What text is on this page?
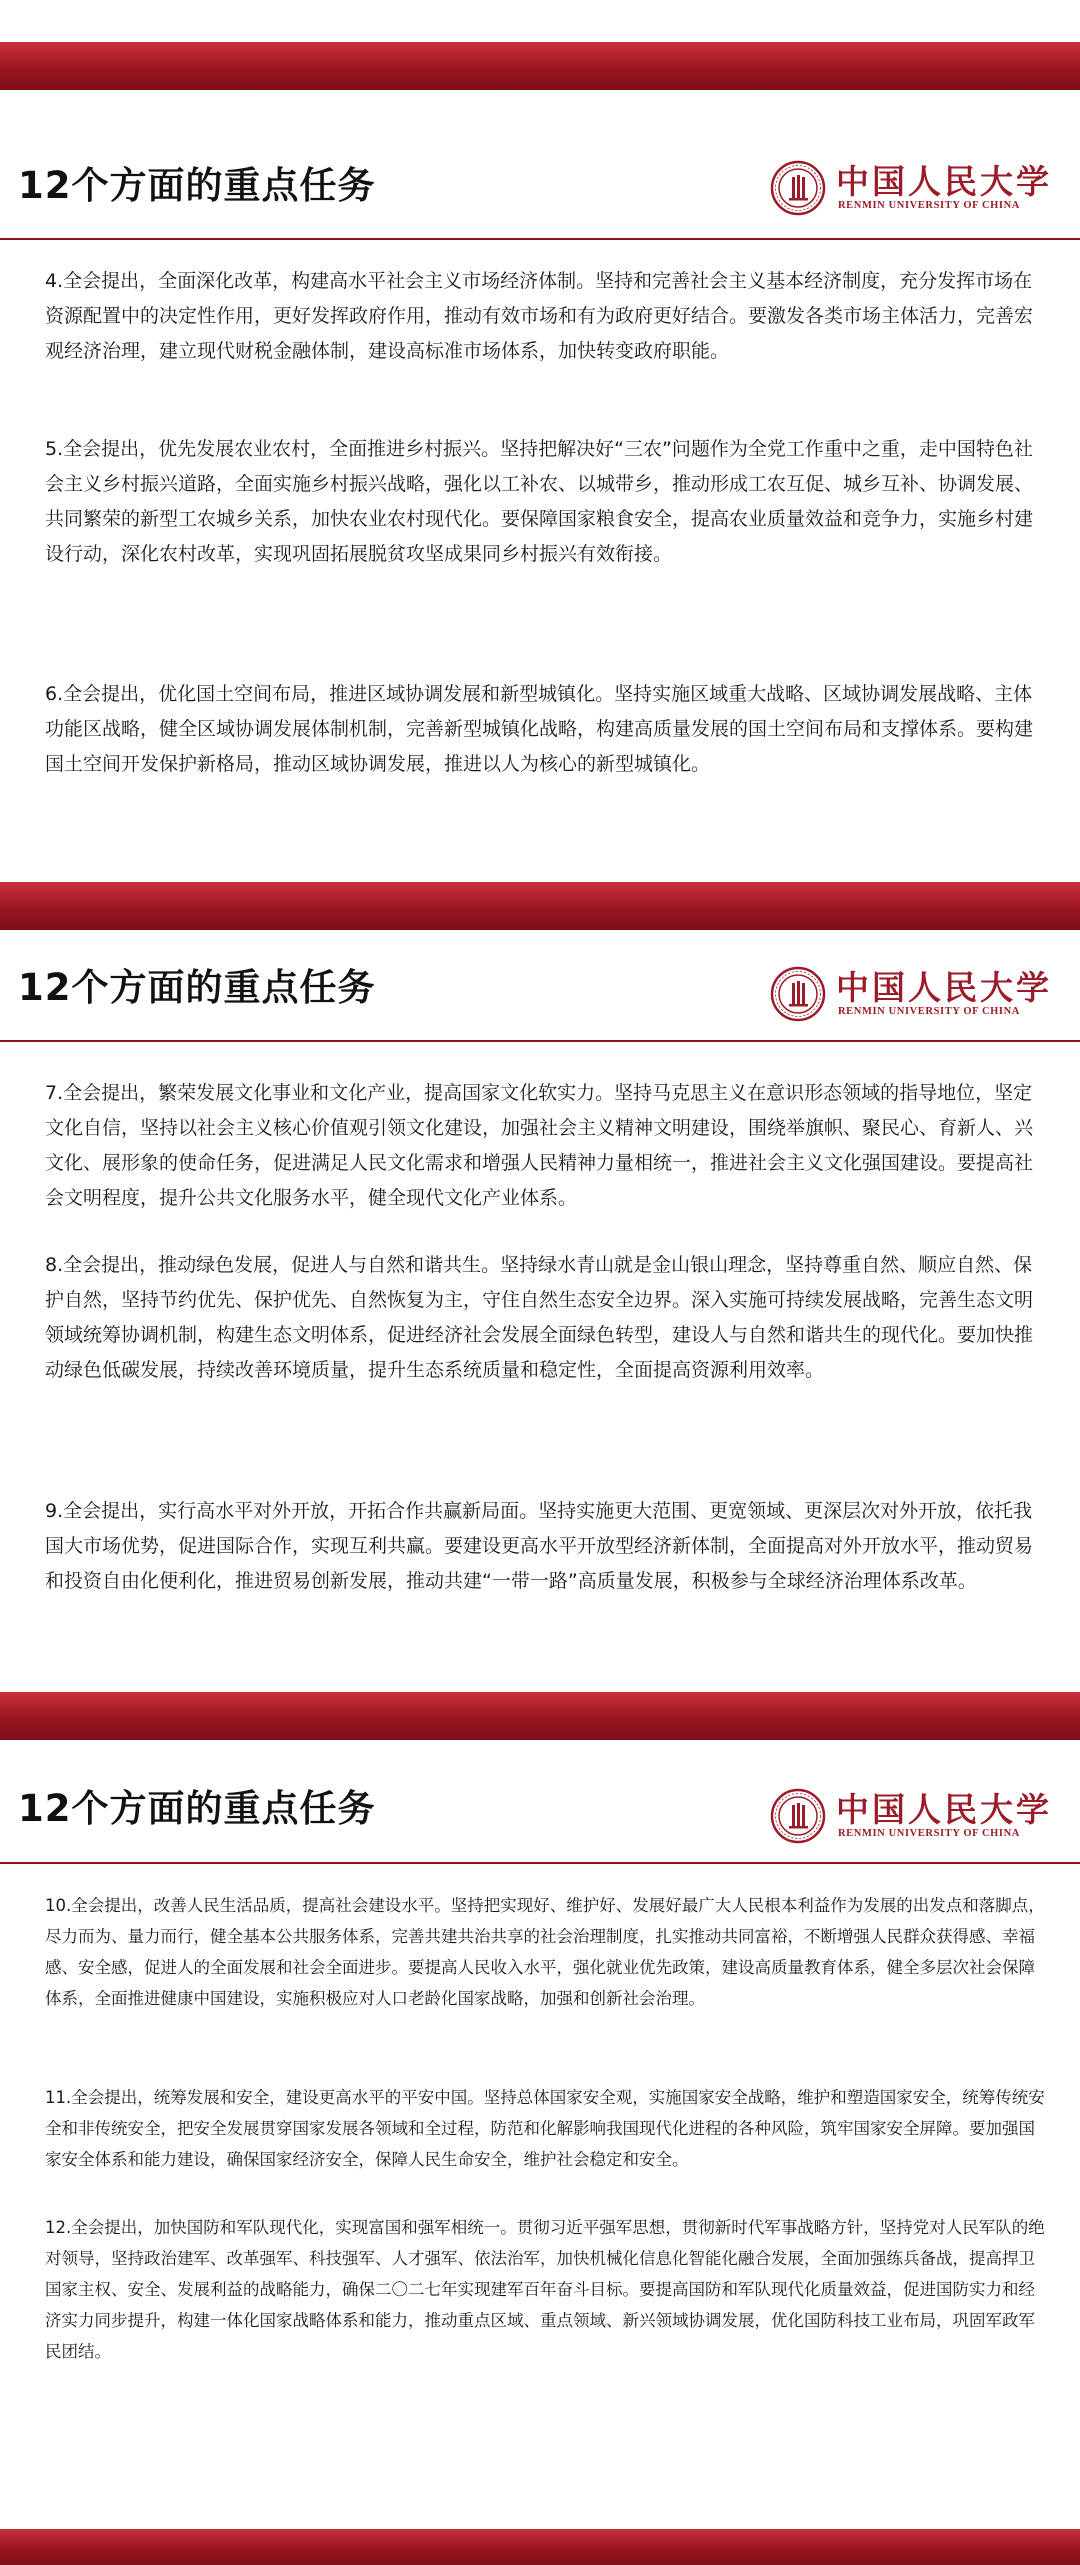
12个方面的重点任务	中国人民大学
RENMIN UNIVERSITY OF CHINA
4.全会提出，全面深化改革，构建高水平社会主义市场经济体制。坚持和完善社会主义基本经济制度，充分发挥市场在资源配置中的决定性作用，更好发挥政府作用，推动有效市场和有为政府更好结合。要激发各类市场主体活力，完善宏观经济治理，建立现代财税金融体制，建设高标准市场体系，加快转变政府职能。
5.全会提出，优先发展农业农村，全面推进乡村振兴。坚持把解决好“三农”问题作为全党工作重中之重，走中国特色社会主义乡村振兴道路，全面实施乡村振兴战略，强化以工补农、以城带乡，推动形成工农互促、城乡互补、协调发展、共同繁荣的新型工农城乡关系，加快农业农村现代化。要保障国家粮食安全，提高农业质量效益和竞争力，实施乡村建设行动，深化农村改革，实现巩固拓展脱贫攻坚成果同乡村振兴有效衔接。
6.全会提出，优化国土空间布局，推进区域协调发展和新型城镇化。坚持实施区域重大战略、区域协调发展战略、主体功能区战略，健全区域协调发展体制机制，完善新型城镇化战略，构建高质量发展的国土空间布局和支撑体系。要构建国土空间开发保护新格局，推动区域协调发展，推进以人为核心的新型城镇化。
12个方面的重点任务	中国人民大学
RENMIN UNIVERSITY OF CHINA
7.全会提出，繁荣发展文化事业和文化产业，提高国家文化软实力。坚持马克思主义在意识形态领域的指导地位，坚定文化自信，坚持以社会主义核心价值观引领文化建设，加强社会主义精神文明建设，围绕举旗帜、聚民心、育新人、兴文化、展形象的使命任务，促进满足人民文化需求和增强人民精神力量相统一，推进社会主义文化强国建设。要提高社会文明程度，提升公共文化服务水平，健全现代文化产业体系。
8.全会提出，推动绿色发展，促进人与自然和谐共生。坚持绿水青山就是金山银山理念，坚持尊重自然、顺应自然、保护自然，坚持节约优先、保护优先、自然恢复为主，守住自然生态安全边界。深入实施可持续发展战略，完善生态文明领域统筹协调机制，构建生态文明体系，促进经济社会发展全面绿色转型，建设人与自然和谐共生的现代化。要加快推动绿色低碳发展，持续改善环境质量，提升生态系统质量和稳定性，全面提高资源利用效率。
9.全会提出，实行高水平对外开放，开拓合作共赢新局面。坚持实施更大范围、更宽领域、更深层次对外开放，依托我国大市场优势，促进国际合作，实现互利共赢。要建设更高水平开放型经济新体制，全面提高对外开放水平，推动贸易和投资自由化便利化，推进贸易创新发展，推动共建“一带一路”高质量发展，积极参与全球经济治理体系改革。
12个方面的重点任务	中国人民大学
RENMIN UNIVERSITY OF CHINA
10.全会提出，改善人民生活品质，提高社会建设水平。坚持把实现好、维护好、发展好最广大人民根本利益作为发展的出发点和落脚点，尽力而为、量力而行，健全基本公共服务体系，完善共建共治共享的社会治理制度，扎实推动共同富裕，不断增强人民群众获得感、幸福感、安全感，促进人的全面发展和社会全面进步。要提高人民收入水平，强化就业优先政策，建设高质量教育体系，健全多层次社会保障体系，全面推进健康中国建设，实施积极应对人口老龄化国家战略，加强和创新社会治理。
11.全会提出，统筹发展和安全，建设更高水平的平安中国。坚持总体国家安全观，实施国家安全战略，维护和塑造国家安全，统筹传统安全和非传统安全，把安全发展贯穿国家发展各领域和全过程，防范和化解影响我国现代化进程的各种风险，筑牢国家安全屏障。要加强国家安全体系和能力建设，确保国家经济安全，保障人民生命安全，维护社会稳定和安全。
12.全会提出，加快国防和军队现代化，实现富国和强军相统一。贯彻习近平强军思想，贯彻新时代军事战略方针，坚持党对人民军队的绝对领导，坚持政治建军、改革强军、科技强军、人才强军、依法治军，加快机械化信息化智能化融合发展，全面加强练兵备战，提高捍卫国家主权、安全、发展利益的战略能力，确保二〇二七年实现建军百年奋斗目标。要提高国防和军队现代化质量效益，促进国防实力和经济实力同步提升，构建一体化国家战略体系和能力，推动重点区域、重点领域、新兴领域协调发展，优化国防科技工业布局，巩固军政军民团结。
